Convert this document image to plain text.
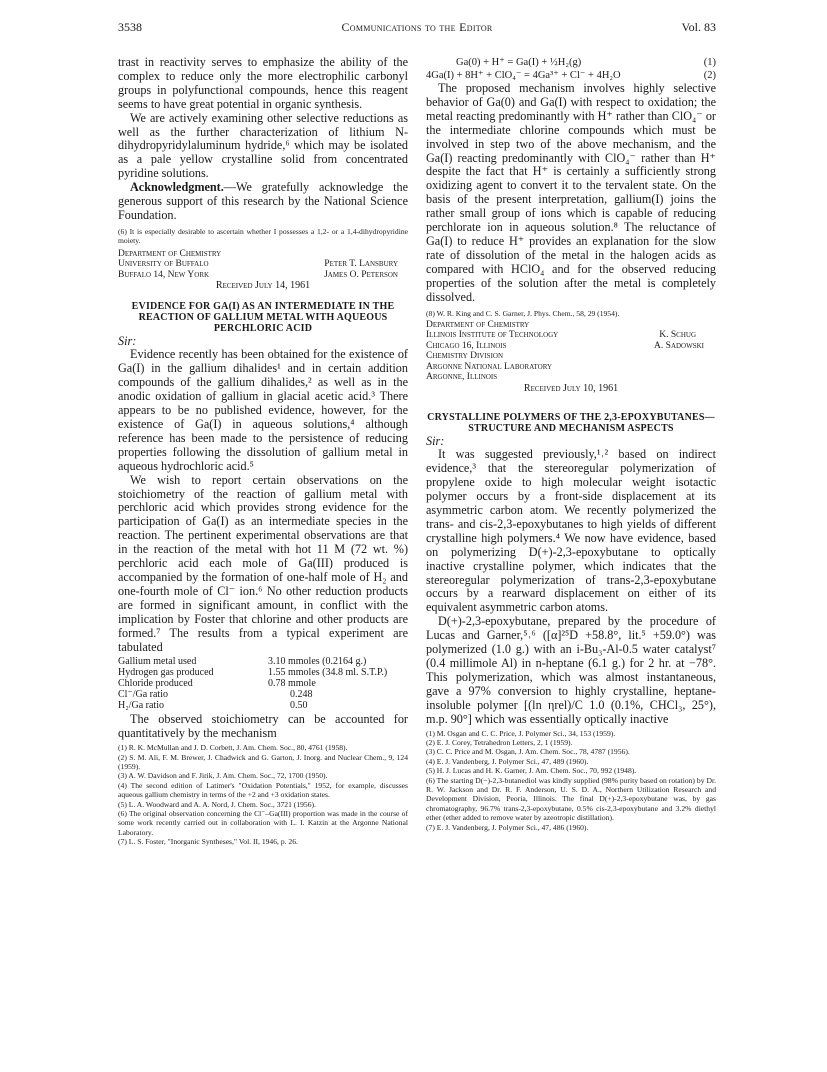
3538	Communications to the Editor	Vol. 83

trast in reactivity serves to emphasize the ability of the complex to reduce only the more electrophilic carbonyl groups in polyfunctional compounds, hence this reagent seems to have great potential in organic synthesis.

We are actively examining other selective reductions as well as the further characterization of lithium N-dihydropyridylaluminum hydride,⁶ which may be isolated as a pale yellow crystalline solid from concentrated pyridine solutions.

Acknowledgment.—We gratefully acknowledge the generous support of this research by the National Science Foundation.

(6) It is especially desirable to ascertain whether I possesses a 1,2- or a 1,4-dihydropyridine moiety.

Department of Chemistry
University of Buffalo	Peter T. Lansbury
Buffalo 14, New York	James O. Peterson
Received July 14, 1961

EVIDENCE FOR GA(I) AS AN INTERMEDIATE IN THE REACTION OF GALLIUM METAL WITH AQUEOUS PERCHLORIC ACID

Sir:

Evidence recently has been obtained for the existence of Ga(I) in the gallium dihalides¹ and in certain addition compounds of the gallium dihalides,² as well as in the anodic oxidation of gallium in glacial acetic acid.³ There appears to be no published evidence, however, for the existence of Ga(I) in aqueous solutions,⁴ although reference has been made to the persistence of reducing properties following the dissolution of gallium metal in aqueous hydrochloric acid.⁵

We wish to report certain observations on the stoichiometry of the reaction of gallium metal with perchloric acid which provides strong evidence for the participation of Ga(I) as an intermediate species in the reaction. The pertinent experimental observations are that in the reaction of the metal with hot 11 M (72 wt. %) perchloric acid each mole of Ga(III) produced is accompanied by the formation of one-half mole of H₂ and one-fourth mole of Cl⁻ ion.⁶ No other reduction products are formed in significant amount, in conflict with the implication by Foster that chlorine and other products are formed.⁷ The results from a typical experiment are tabulated

Gallium metal used	3.10 mmoles (0.2164 g.)
Hydrogen gas produced	1.55 mmoles (34.8 ml. S.T.P.)
Chloride produced	0.78 mmole
Cl⁻/Ga ratio	0.248
H₂/Ga ratio	0.50

The observed stoichiometry can be accounted for quantitatively by the mechanism

(1) R. K. McMullan and J. D. Corbett, J. Am. Chem. Soc., 80, 4761 (1958).

(2) S. M. Ali, F. M. Brewer, J. Chadwick and G. Garton, J. Inorg. and Nuclear Chem., 9, 124 (1959).

(3) A. W. Davidson and F. Jirik, J. Am. Chem. Soc., 72, 1700 (1950).

(4) The second edition of Latimer's "Oxidation Potentials," 1952, for example, discusses aqueous gallium chemistry in terms of the +2 and +3 oxidation states.

(5) L. A. Woodward and A. A. Nord, J. Chem. Soc., 3721 (1956).

(6) The original observation concerning the Cl⁻–Ga(III) proportion was made in the course of some work recently carried out in collaboration with L. I. Katzin at the Argonne National Laboratory.

(7) L. S. Foster, "Inorganic Syntheses," Vol. II, 1946, p. 26.

Ga(0) + H⁺ = Ga(I) + ½H₂(g)	(1)
4Ga(I) + 8H⁺ + ClO₄⁻ = 4Ga³⁺ + Cl⁻ + 4H₂O	(2)

The proposed mechanism involves highly selective behavior of Ga(0) and Ga(I) with respect to oxidation; the metal reacting predominantly with H⁺ rather than ClO₄⁻ or the intermediate chlorine compounds which must be involved in step two of the above mechanism, and the Ga(I) reacting predominantly with ClO₄⁻ rather than H⁺ despite the fact that H⁺ is certainly a sufficiently strong oxidizing agent to convert it to the tervalent state. On the basis of the present interpretation, gallium(I) joins the rather small group of ions which is capable of reducing perchlorate ion in aqueous solution.⁸ The reluctance of Ga(I) to reduce H⁺ provides an explanation for the slow rate of dissolution of the metal in the halogen acids as compared with HClO₄ and for the observed reducing properties of the solution after the metal is completely dissolved.

(8) W. R. King and C. S. Garner, J. Phys. Chem., 58, 29 (1954).

Department of Chemistry
Illinois Institute of Technology	K. Schug
Chicago 16, Illinois	A. Sadowski
Chemistry Division
Argonne National Laboratory
Argonne, Illinois
Received July 10, 1961

CRYSTALLINE POLYMERS OF THE 2,3-EPOXYBUTANES—STRUCTURE AND MECHANISM ASPECTS

Sir:

It was suggested previously,¹˒² based on indirect evidence,³ that the stereoregular polymerization of propylene oxide to high molecular weight isotactic polymer occurs by a front-side displacement at its asymmetric carbon atom. We recently polymerized the trans- and cis-2,3-epoxybutanes to high yields of different crystalline high polymers.⁴ We now have evidence, based on polymerizing D(+)-2,3-epoxybutane to optically inactive crystalline polymer, which indicates that the stereoregular polymerization of trans-2,3-epoxybutane occurs by a rearward displacement on either of its equivalent asymmetric carbon atoms.

D(+)-2,3-epoxybutane, prepared by the procedure of Lucas and Garner,⁵˒⁶ ([α]²⁵D +58.8°, lit.⁵ +59.0°) was polymerized (1.0 g.) with an i-Bu₃-Al-0.5 water catalyst⁷ (0.4 millimole Al) in n-heptane (6.1 g.) for 2 hr. at −78°. This polymerization, which was almost instantaneous, gave a 97% conversion to highly crystalline, heptane-insoluble polymer [(ln ηrel)/C 1.0 (0.1%, CHCl₃, 25°), m.p. 90°] which was essentially optically inactive

(1) M. Osgan and C. C. Price, J. Polymer Sci., 34, 153 (1959).

(2) E. J. Corey, Tetrahedron Letters, 2, 1 (1959).

(3) C. C. Price and M. Osgan, J. Am. Chem. Soc., 78, 4787 (1956).

(4) E. J. Vandenberg, J. Polymer Sci., 47, 489 (1960).

(5) H. J. Lucas and H. K. Garner, J. Am. Chem. Soc., 70, 992 (1948).

(6) The starting D(−)-2,3-butanediol was kindly supplied (98% purity based on rotation) by Dr. R. W. Jackson and Dr. R. F. Anderson, U. S. D. A., Northern Utilization Research and Development Division, Peoria, Illinois. The final D(+)-2,3-epoxybutane was, by gas chromatography, 96.7% trans-2,3-epoxybutane, 0.5% cis-2,3-epoxybutane and 3.2% diethyl ether (ether added to remove water by azeotropic distillation).

(7) E. J. Vandenberg, J. Polymer Sci., 47, 486 (1960).
